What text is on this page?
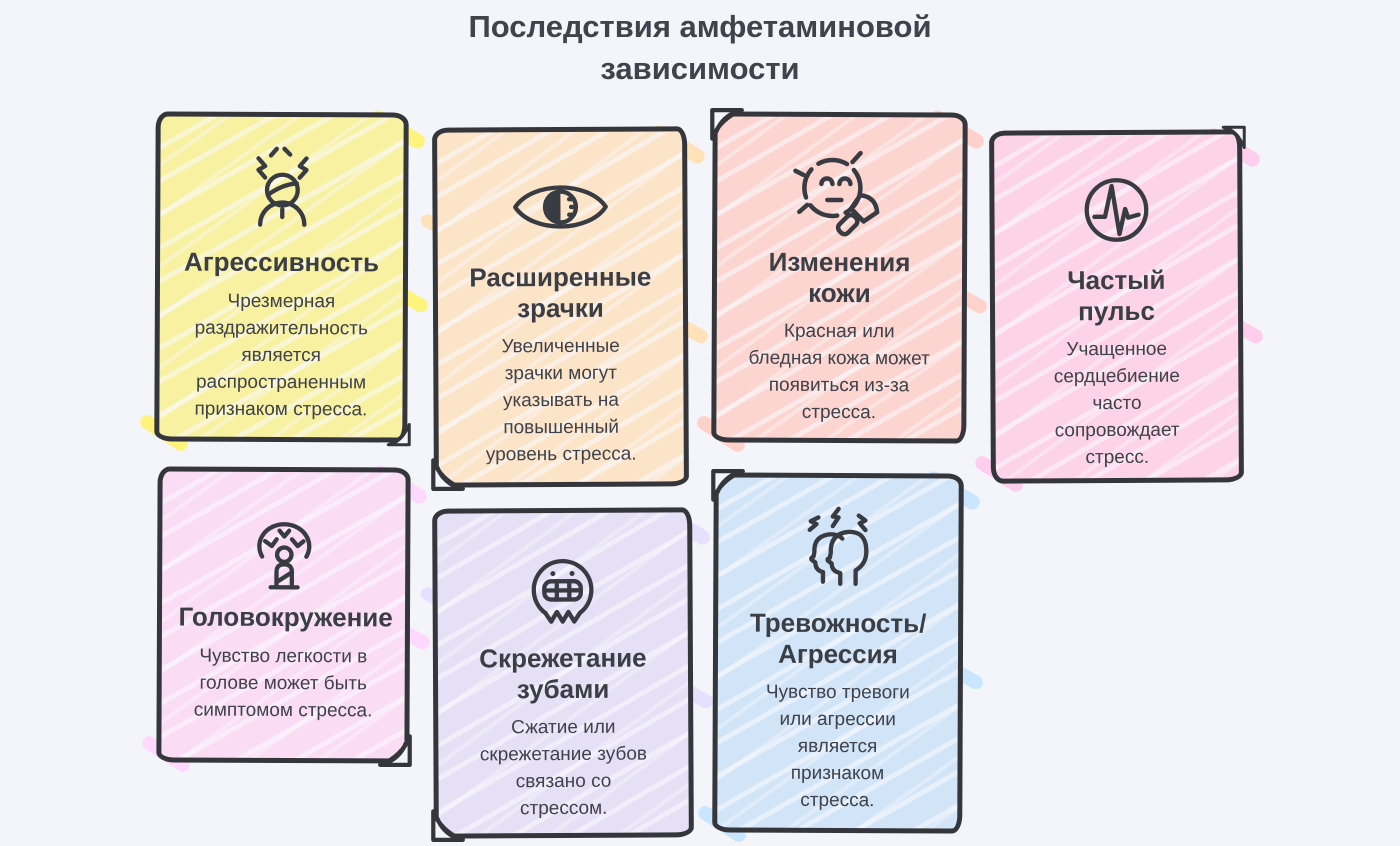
Последствия амфетаминовой зависимости
Агрессивность

Чрезмерная раздражительность является распространенным признаком стресса.

Расширенные зрачки

Увеличенные зрачки могут указывать на повышенный уровень стресса.

Изменения кожи

Красная или бледная кожа может появиться из-за стресса.

Частый пульс

Учащенное сердцебиение часто сопровождает стресс.

Головокружение

Чувство легкости в голове может быть симптомом стресса.

Скрежетание зубами

Сжатие или скрежетание зубов связано со стрессом.

Тревожность/Агрессия

Чувство тревоги или агрессии является признаком стресса.
